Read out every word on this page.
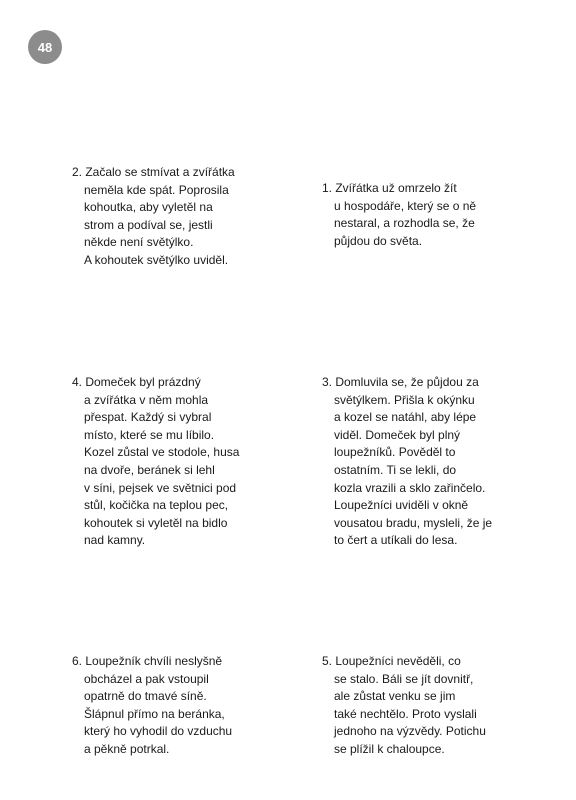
48
2. Začalo se stmívat a zvířátka
neměla kde spát. Poprosila
kohoutka, aby vyletěl na
strom a podíval se, jestli
někde není světýlko.
A kohoutek světýlko uviděl.
1. Zvířátka už omrzelo žít
u hospodáře, který se o ně
nestaral, a rozhodla se, že
půjdou do světa.
4. Domeček byl prázdný
a zvířátka v něm mohla
přespat. Každý si vybral
místo, které se mu líbilo.
Kozel zůstal ve stodole, husa
na dvoře, beránek si lehl
v síni, pejsek ve světnici pod
stůl, kočička na teplou pec,
kohoutek si vyletěl na bidlo
nad kamny.
3. Domluvila se, že půjdou za
světýlkem. Přišla k okýnku
a kozel se natáhl, aby lépe
viděl. Domeček byl plný
loupežníků. Pověděl to
ostatním. Ti se lekli, do
kozla vrazili a sklo zařinčelo.
Loupežníci uviděli v okně
vousatou bradu, mysleli, že je
to čert a utíkali do lesa.
6. Loupežník chvíli neslyšně
obcházel a pak vstoupil
opatrně do tmavé síně.
Šlápnul přímo na beránka,
který ho vyhodil do vzduchu
a pěkně potrkal.
5. Loupežníci nevěděli, co
se stalo. Báli se jít dovnitř,
ale zůstat venku se jim
také nechtělo. Proto vyslali
jednoho na výzvědy. Potichu
se plížil k chaloupce.
